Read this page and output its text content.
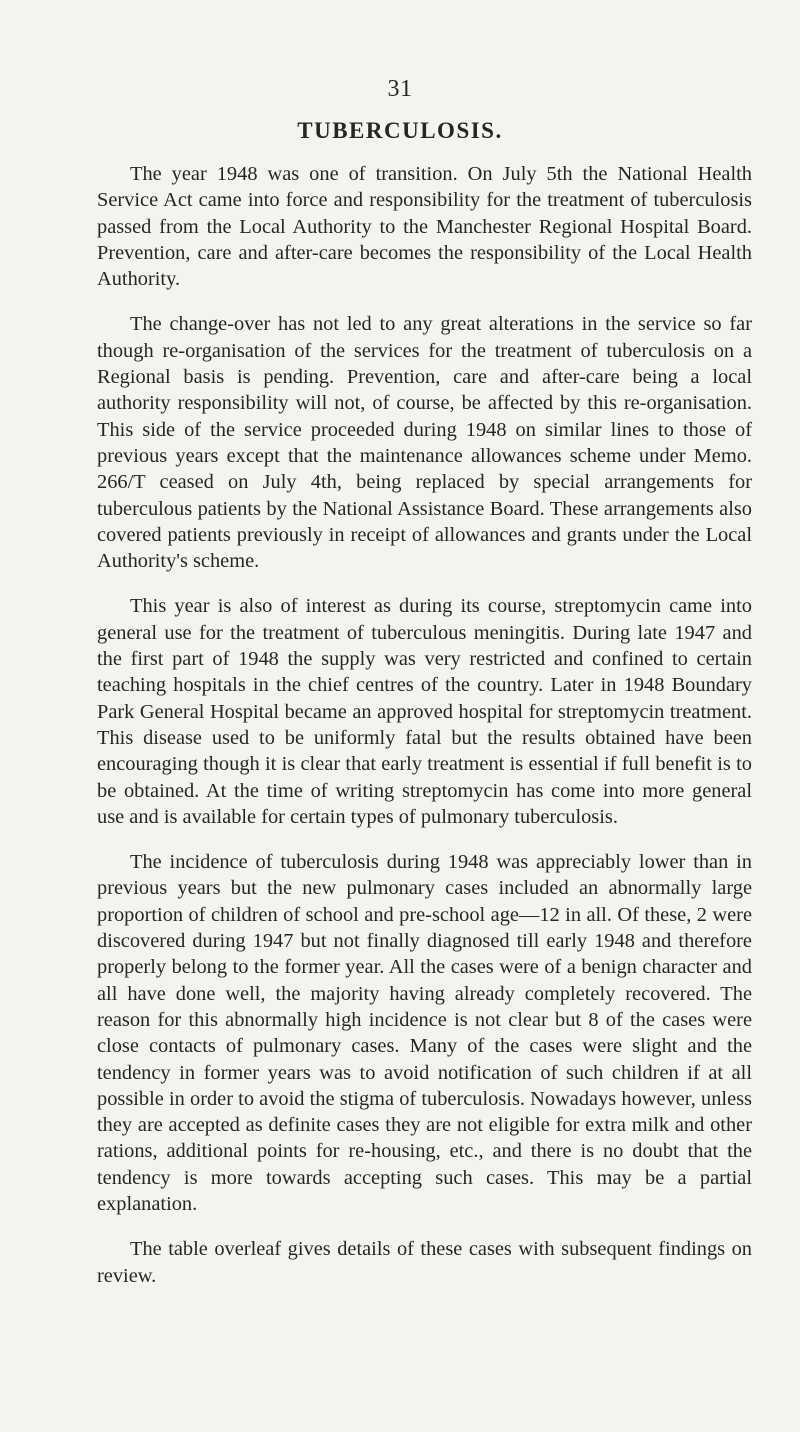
31
TUBERCULOSIS.

The year 1948 was one of transition. On July 5th the National Health Service Act came into force and responsibility for the treatment of tuberculosis passed from the Local Authority to the Manchester Regional Hospital Board. Prevention, care and after-care becomes the responsibility of the Local Health Authority.

The change-over has not led to any great alterations in the service so far though re-organisation of the services for the treatment of tuberculosis on a Regional basis is pending. Prevention, care and after-care being a local authority responsibility will not, of course, be affected by this re-organisation. This side of the service proceeded during 1948 on similar lines to those of previous years except that the maintenance allowances scheme under Memo. 266/T ceased on July 4th, being replaced by special arrangements for tuberculous patients by the National Assistance Board. These arrangements also covered patients previously in receipt of allowances and grants under the Local Authority's scheme.

This year is also of interest as during its course, streptomycin came into general use for the treatment of tuberculous meningitis. During late 1947 and the first part of 1948 the supply was very restricted and confined to certain teaching hospitals in the chief centres of the country. Later in 1948 Boundary Park General Hospital became an approved hospital for streptomycin treatment. This disease used to be uniformly fatal but the results obtained have been encouraging though it is clear that early treatment is essential if full benefit is to be obtained. At the time of writing streptomycin has come into more general use and is available for certain types of pulmonary tuberculosis.

The incidence of tuberculosis during 1948 was appreciably lower than in previous years but the new pulmonary cases included an abnormally large proportion of children of school and pre-school age—12 in all. Of these, 2 were discovered during 1947 but not finally diagnosed till early 1948 and therefore properly belong to the former year. All the cases were of a benign character and all have done well, the majority having already completely recovered. The reason for this abnormally high incidence is not clear but 8 of the cases were close contacts of pulmonary cases. Many of the cases were slight and the tendency in former years was to avoid notification of such children if at all possible in order to avoid the stigma of tuberculosis. Nowadays however, unless they are accepted as definite cases they are not eligible for extra milk and other rations, additional points for re-housing, etc., and there is no doubt that the tendency is more towards accepting such cases. This may be a partial explanation.

The table overleaf gives details of these cases with subsequent findings on review.
